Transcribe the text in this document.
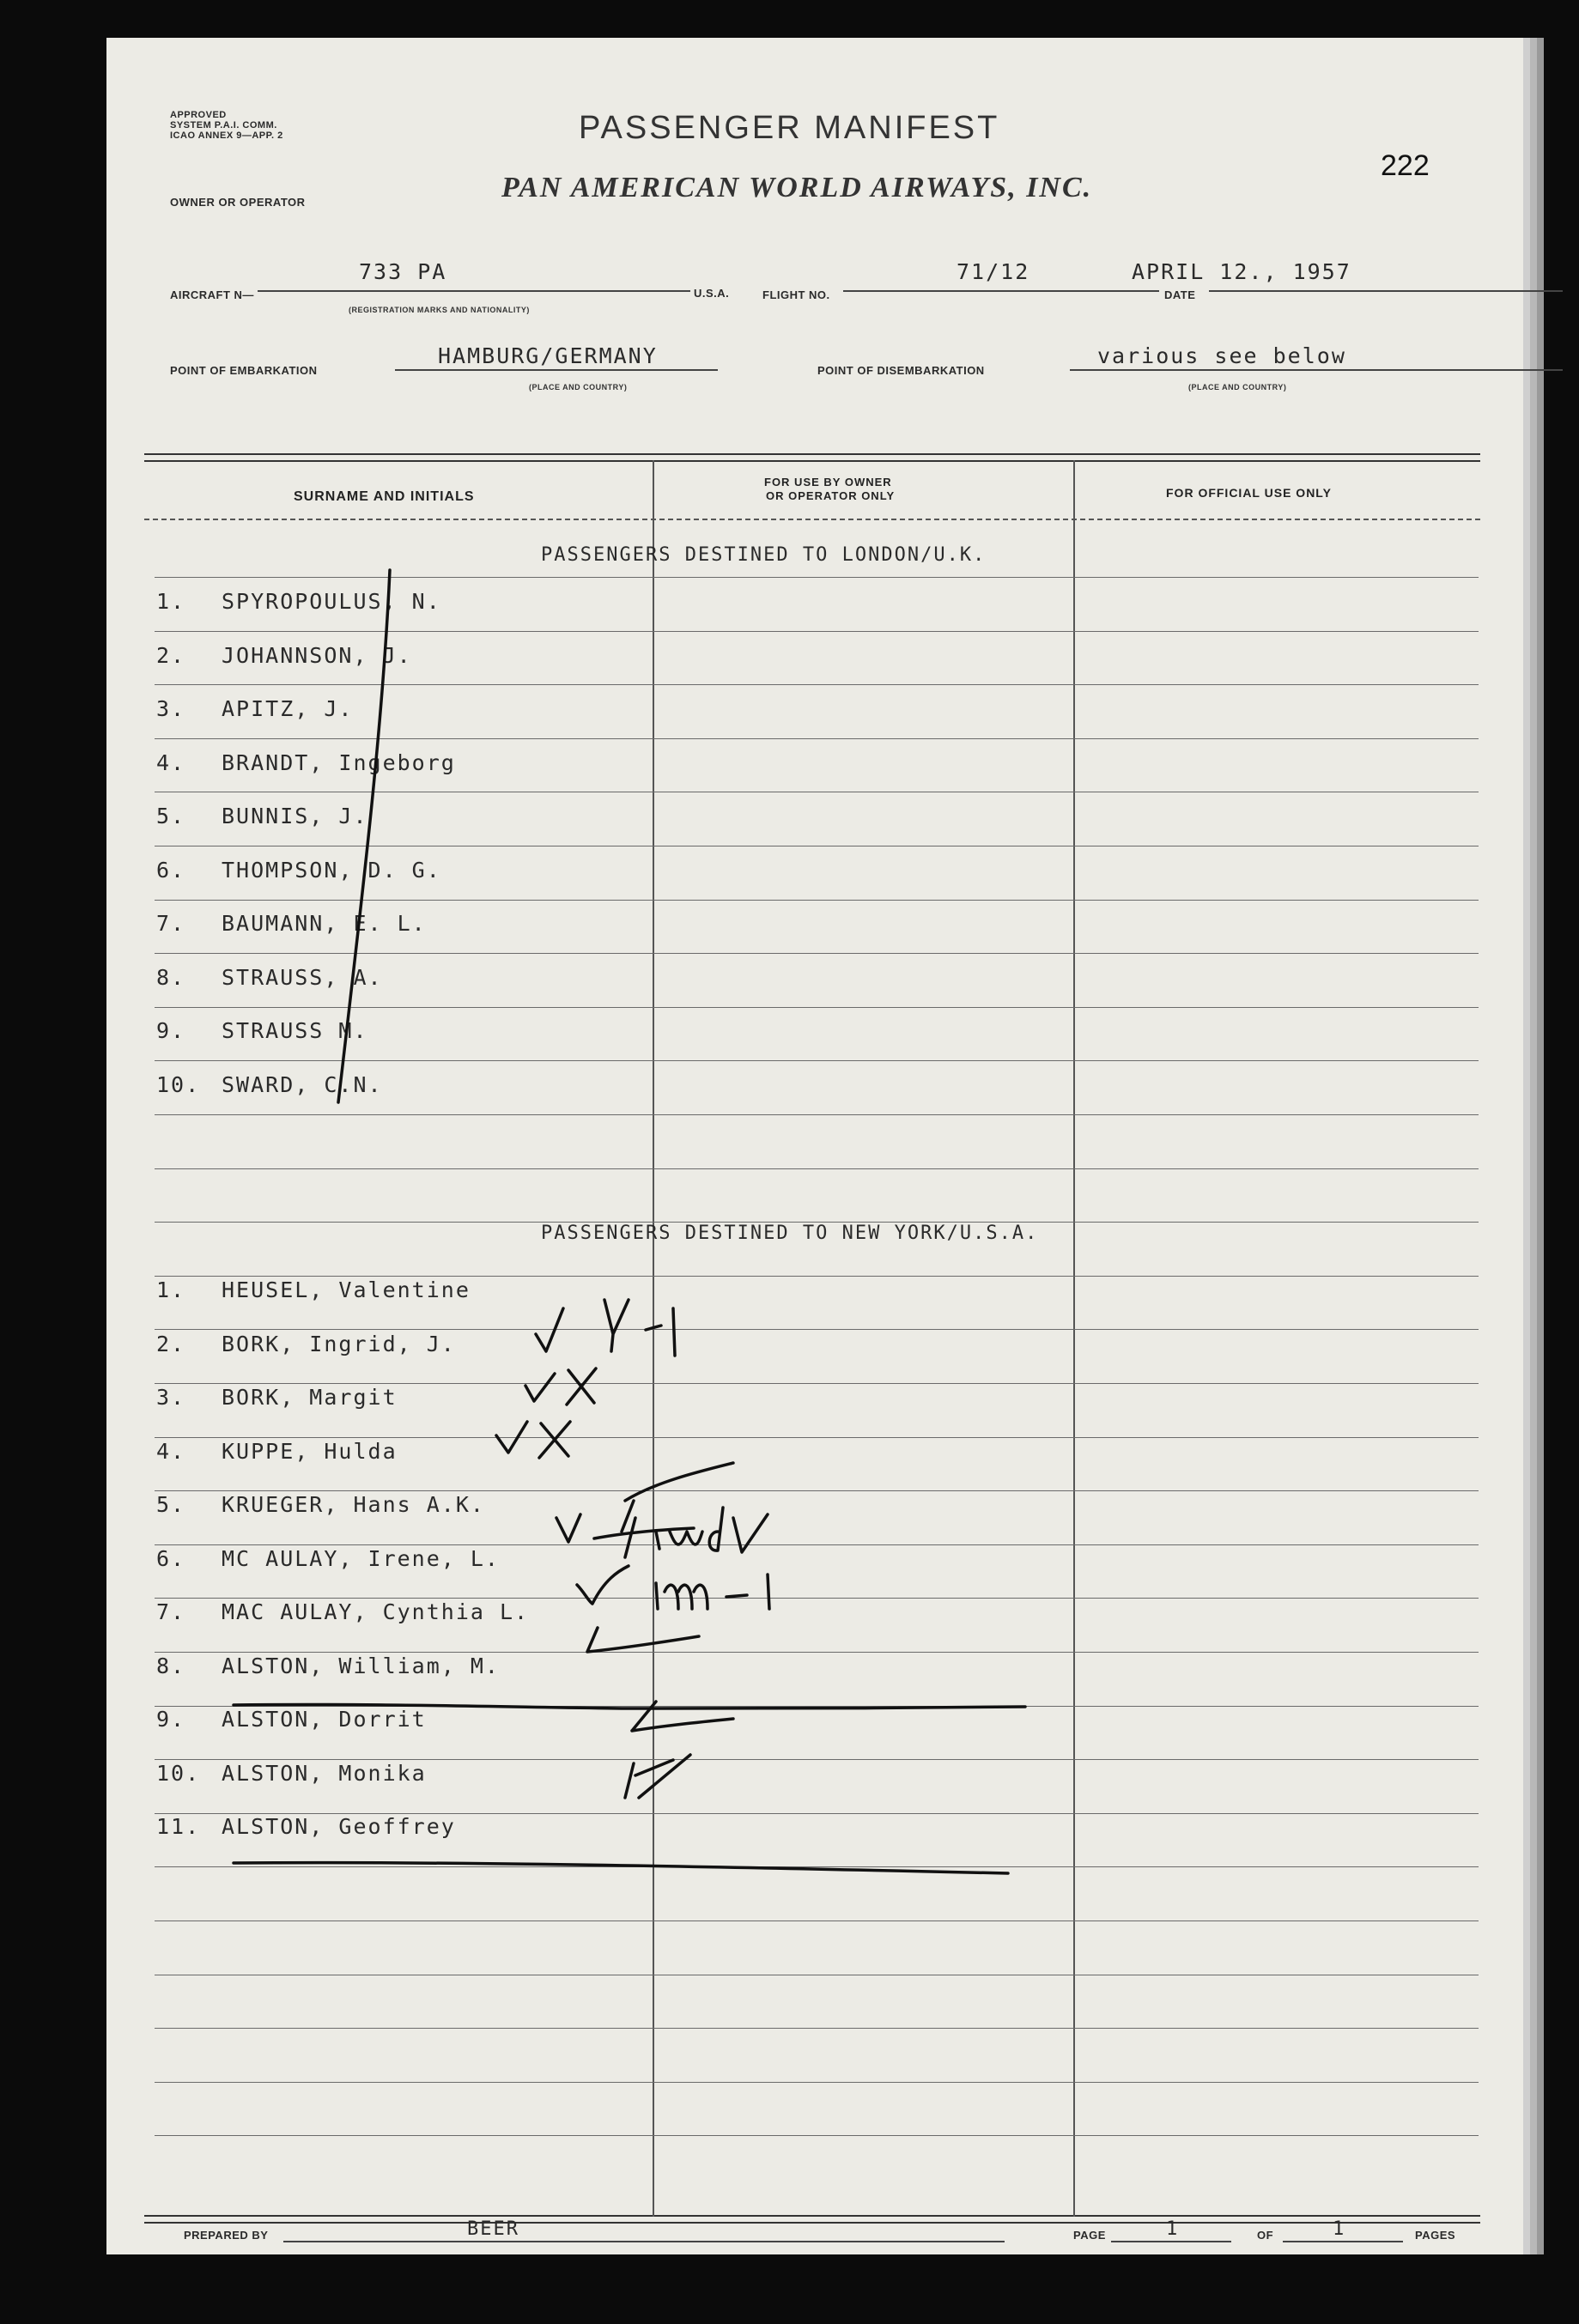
APPROVED
SYSTEM P.A.I. COMM.
ICAO ANNEX 9—APP. 2	PASSENGER MANIFEST
222
OWNER OR OPERATOR	PAN AMERICAN WORLD AIRWAYS, INC.
AIRCRAFT N—
733 PA
(REGISTRATION MARKS AND NATIONALITY)
U.S.A.	FLIGHT NO.
71/12
DATE
APRIL 12., 1957
POINT OF EMBARKATION
HAMBURG/GERMANY
(PLACE AND COUNTRY)
POINT OF DISEMBARKATION
various see below
(PLACE AND COUNTRY)
SURNAME AND INITIALS
FOR USE BY OWNER
OR OPERATOR ONLY	FOR OFFICIAL USE ONLY
PASSENGERS DESTINED TO LONDON/U.K.
1.	SPYROPOULUS, N.
2.	JOHANNSON, J.
3.	APITZ, J.
4.	BRANDT, Ingeborg
5.	BUNNIS, J.
6.	THOMPSON, D. G.
7.	BAUMANN, E. L.
8.	STRAUSS, A.
9.	STRAUSS M.
10. SWARD, C.N.
PASSENGERS DESTINED TO NEW YORK/U.S.A.
1.	HEUSEL, Valentine
2.	BORK, Ingrid, J.
3.	BORK, Margit
4.	KUPPE, Hulda
5.	KRUEGER, Hans A.K.
6.	MC AULAY, Irene, L.
7.	MAC AULAY, Cynthia L.
8.	ALSTON, William, M.
9.	ALSTON, Dorrit
10. ALSTON, Monika
11. ALSTON, Geoffrey
PREPARED BY	BEER	PAGE	1	OF	1	PAGES
